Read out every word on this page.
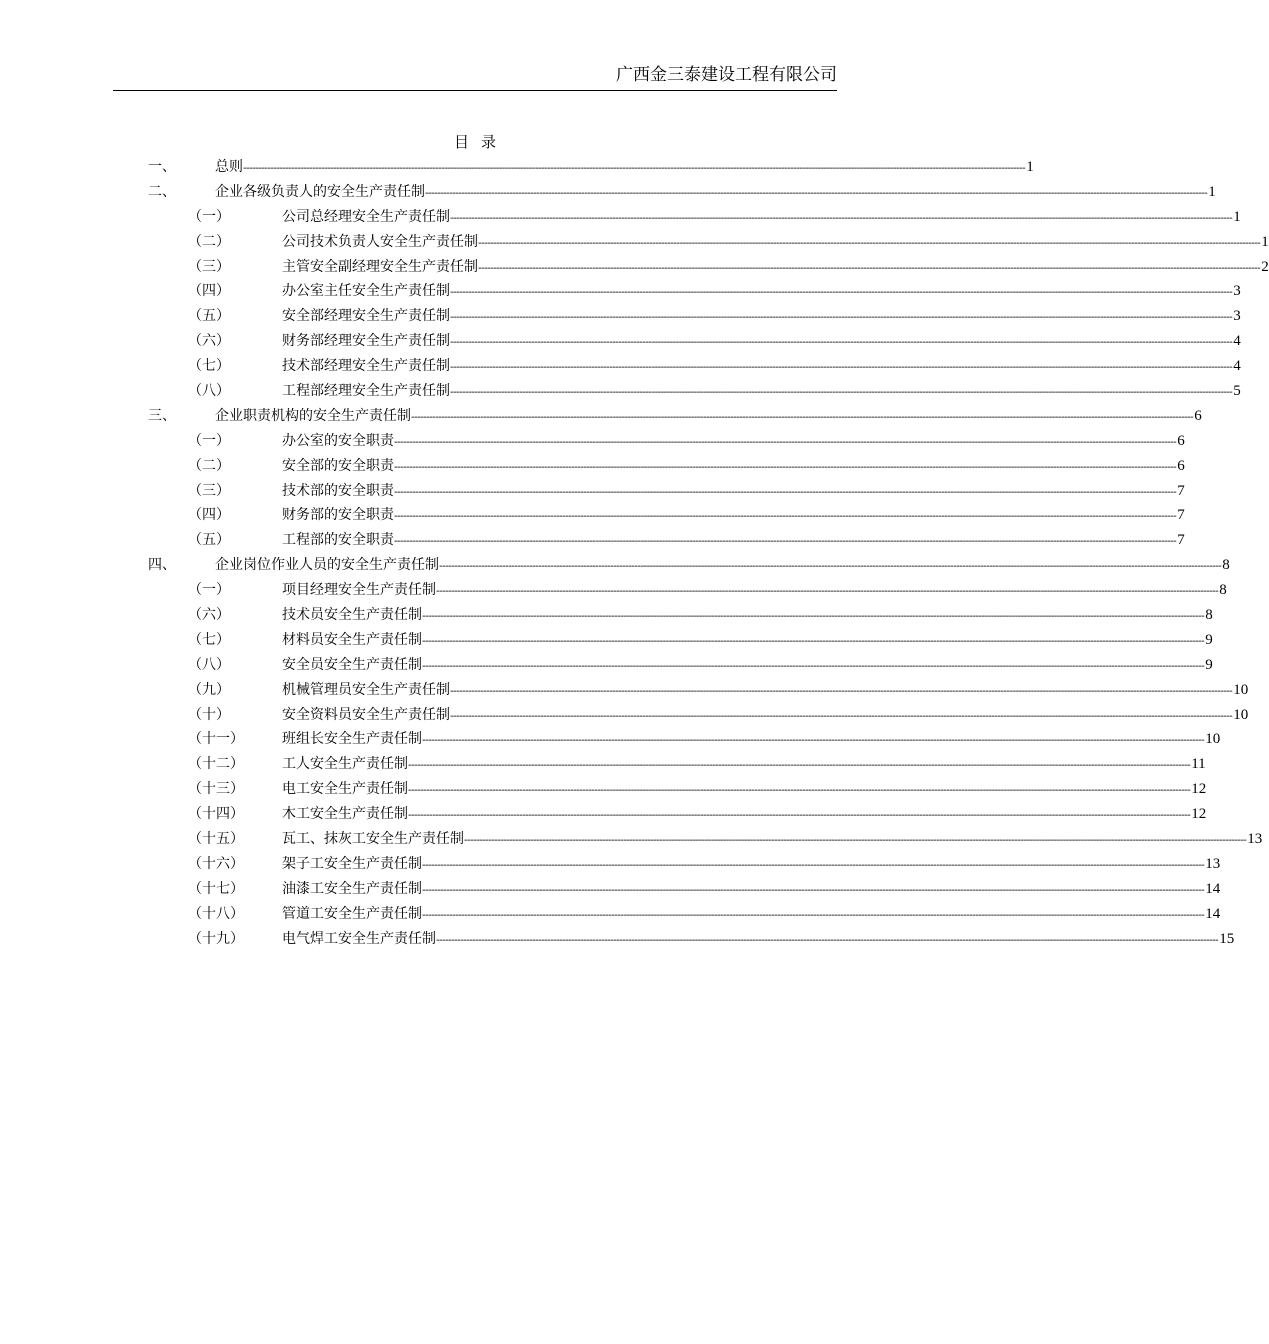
广西金三泰建设工程有限公司
目录
一、	总则 -------------------------------------------------------------------------------------------------------------------------------------------------------------------------------------------------------------------------------------------------------------------- 1
二、	企业各级负责人的安全生产责任制 -------------------------------------------------------------------------------------------------------------------------------------------------------------------------------------------------------------------------------------------------------------------- 1
（一）	公司总经理安全生产责任制 -------------------------------------------------------------------------------------------------------------------------------------------------------------------------------------------------------------------------------------------------------------------- 1
（二）	公司技术负责人安全生产责任制 -------------------------------------------------------------------------------------------------------------------------------------------------------------------------------------------------------------------------------------------------------------------- 1
（三）	主管安全副经理安全生产责任制 -------------------------------------------------------------------------------------------------------------------------------------------------------------------------------------------------------------------------------------------------------------------- 2
（四）	办公室主任安全生产责任制 -------------------------------------------------------------------------------------------------------------------------------------------------------------------------------------------------------------------------------------------------------------------- 3
（五）	安全部经理安全生产责任制 -------------------------------------------------------------------------------------------------------------------------------------------------------------------------------------------------------------------------------------------------------------------- 3
（六）	财务部经理安全生产责任制 -------------------------------------------------------------------------------------------------------------------------------------------------------------------------------------------------------------------------------------------------------------------- 4
（七）	技术部经理安全生产责任制 -------------------------------------------------------------------------------------------------------------------------------------------------------------------------------------------------------------------------------------------------------------------- 4
（八）	工程部经理安全生产责任制 -------------------------------------------------------------------------------------------------------------------------------------------------------------------------------------------------------------------------------------------------------------------- 5
三、	企业职责机构的安全生产责任制 -------------------------------------------------------------------------------------------------------------------------------------------------------------------------------------------------------------------------------------------------------------------- 6
（一）	办公室的安全职责 -------------------------------------------------------------------------------------------------------------------------------------------------------------------------------------------------------------------------------------------------------------------- 6
（二）	安全部的安全职责 -------------------------------------------------------------------------------------------------------------------------------------------------------------------------------------------------------------------------------------------------------------------- 6
（三）	技术部的安全职责 -------------------------------------------------------------------------------------------------------------------------------------------------------------------------------------------------------------------------------------------------------------------- 7
（四）	财务部的安全职责 -------------------------------------------------------------------------------------------------------------------------------------------------------------------------------------------------------------------------------------------------------------------- 7
（五）	工程部的安全职责 -------------------------------------------------------------------------------------------------------------------------------------------------------------------------------------------------------------------------------------------------------------------- 7
四、	企业岗位作业人员的安全生产责任制 -------------------------------------------------------------------------------------------------------------------------------------------------------------------------------------------------------------------------------------------------------------------- 8
（一）	项目经理安全生产责任制 -------------------------------------------------------------------------------------------------------------------------------------------------------------------------------------------------------------------------------------------------------------------- 8
（六）	技术员安全生产责任制 -------------------------------------------------------------------------------------------------------------------------------------------------------------------------------------------------------------------------------------------------------------------- 8
（七）	材料员安全生产责任制 -------------------------------------------------------------------------------------------------------------------------------------------------------------------------------------------------------------------------------------------------------------------- 9
（八）	安全员安全生产责任制 -------------------------------------------------------------------------------------------------------------------------------------------------------------------------------------------------------------------------------------------------------------------- 9
（九）	机械管理员安全生产责任制 -------------------------------------------------------------------------------------------------------------------------------------------------------------------------------------------------------------------------------------------------------------------- 10
（十）	安全资料员安全生产责任制 -------------------------------------------------------------------------------------------------------------------------------------------------------------------------------------------------------------------------------------------------------------------- 10
（十一）	班组长安全生产责任制 -------------------------------------------------------------------------------------------------------------------------------------------------------------------------------------------------------------------------------------------------------------------- 10
（十二）	工人安全生产责任制 -------------------------------------------------------------------------------------------------------------------------------------------------------------------------------------------------------------------------------------------------------------------- 11
（十三）	电工安全生产责任制 -------------------------------------------------------------------------------------------------------------------------------------------------------------------------------------------------------------------------------------------------------------------- 12
（十四）	木工安全生产责任制 -------------------------------------------------------------------------------------------------------------------------------------------------------------------------------------------------------------------------------------------------------------------- 12
（十五）	瓦工、抹灰工安全生产责任制 -------------------------------------------------------------------------------------------------------------------------------------------------------------------------------------------------------------------------------------------------------------------- 13
（十六）	架子工安全生产责任制 -------------------------------------------------------------------------------------------------------------------------------------------------------------------------------------------------------------------------------------------------------------------- 13
（十七）	油漆工安全生产责任制 -------------------------------------------------------------------------------------------------------------------------------------------------------------------------------------------------------------------------------------------------------------------- 14
（十八）	管道工安全生产责任制 -------------------------------------------------------------------------------------------------------------------------------------------------------------------------------------------------------------------------------------------------------------------- 14
（十九）	电气焊工安全生产责任制 -------------------------------------------------------------------------------------------------------------------------------------------------------------------------------------------------------------------------------------------------------------------- 15
